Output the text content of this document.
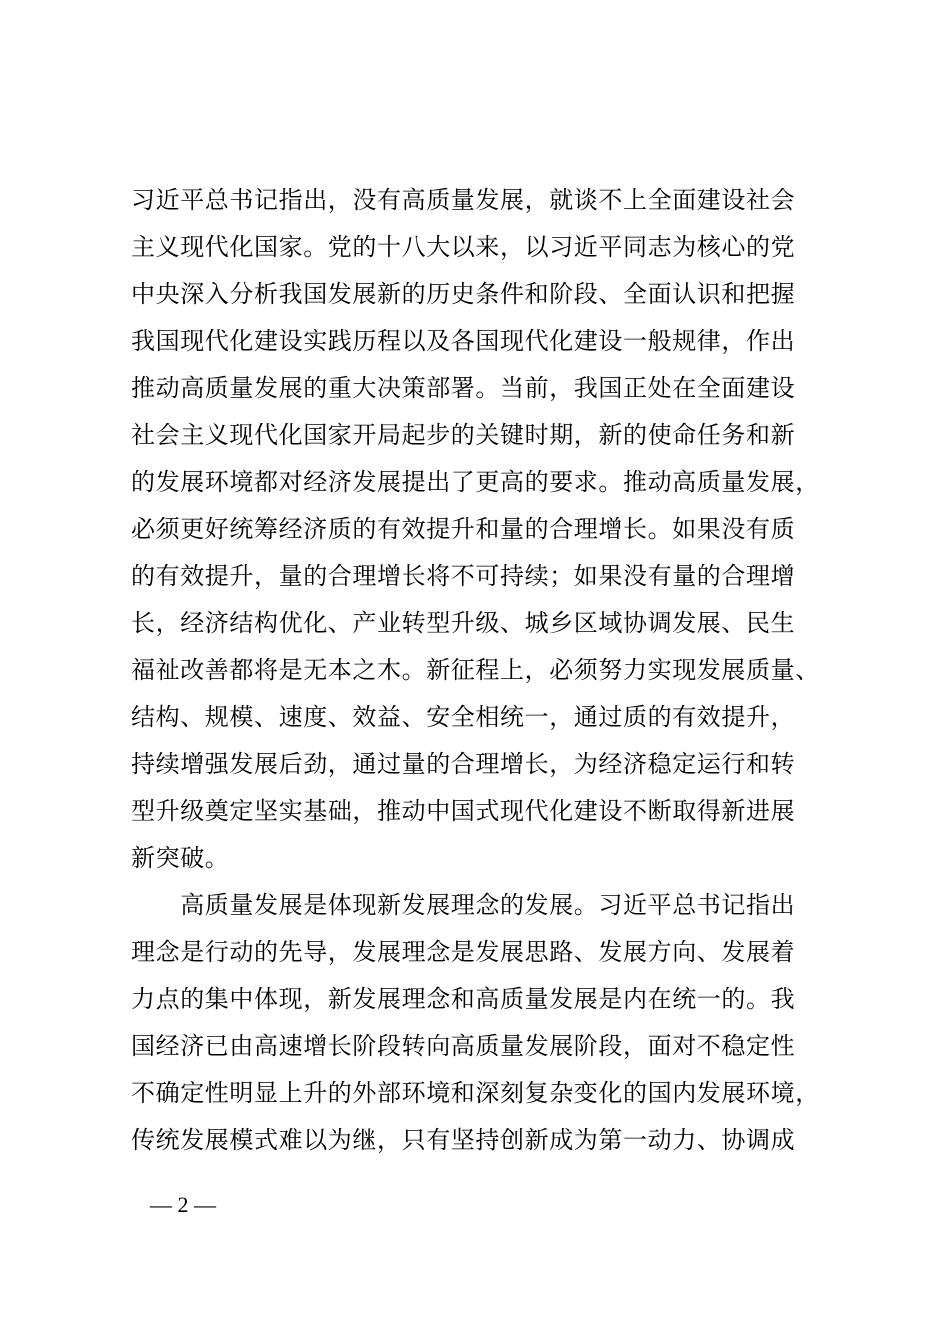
习近平总书记指出，没有高质量发展，就谈不上全面建设社会
主义现代化国家。党的十八大以来，以习近平同志为核心的党
中央深入分析我国发展新的历史条件和阶段、全面认识和把握
我国现代化建设实践历程以及各国现代化建设一般规律，作出
推动高质量发展的重大决策部署。当前，我国正处在全面建设
社会主义现代化国家开局起步的关键时期，新的使命任务和新
的发展环境都对经济发展提出了更高的要求。推动高质量发展，
必须更好统筹经济质的有效提升和量的合理增长。如果没有质
的有效提升，量的合理增长将不可持续；如果没有量的合理增
长，经济结构优化、产业转型升级、城乡区域协调发展、民生
福祉改善都将是无本之木。新征程上，必须努力实现发展质量、
结构、规模、速度、效益、安全相统一，通过质的有效提升，
持续增强发展后劲，通过量的合理增长，为经济稳定运行和转
型升级奠定坚实基础，推动中国式现代化建设不断取得新进展
新突破。
　　高质量发展是体现新发展理念的发展。习近平总书记指出
理念是行动的先导，发展理念是发展思路、发展方向、发展着
力点的集中体现，新发展理念和高质量发展是内在统一的。我
国经济已由高速增长阶段转向高质量发展阶段，面对不稳定性
不确定性明显上升的外部环境和深刻复杂变化的国内发展环境，
传统发展模式难以为继，只有坚持创新成为第一动力、协调成
— 2 —
